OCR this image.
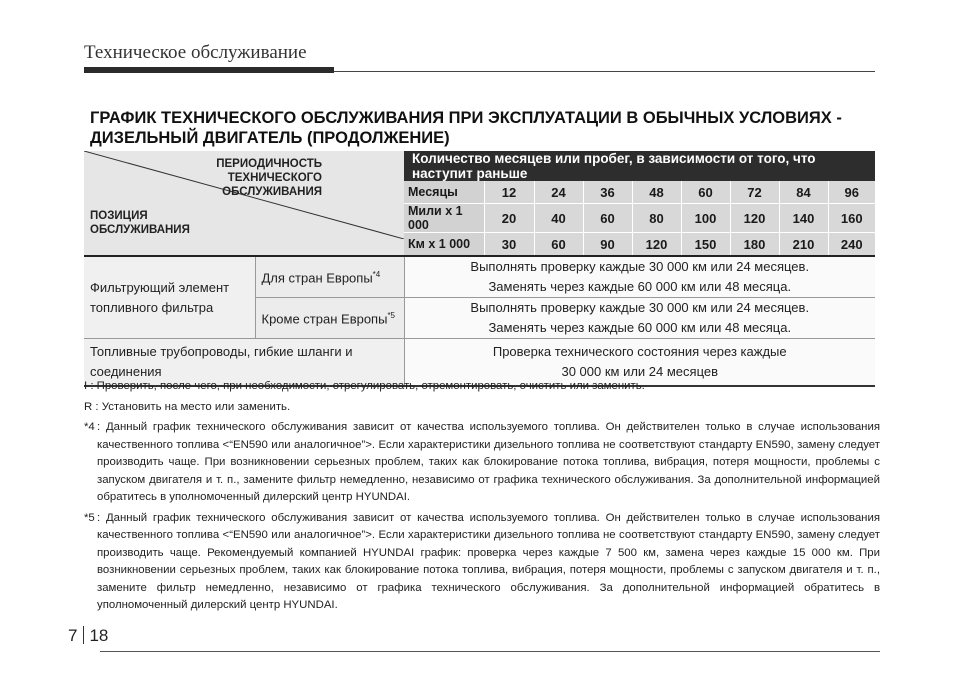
Техническое обслуживание
ГРАФИК ТЕХНИЧЕСКОГО ОБСЛУЖИВАНИЯ ПРИ ЭКСПЛУАТАЦИИ В ОБЫЧНЫХ УСЛОВИЯХ - ДИЗЕЛЬНЫЙ ДВИГАТЕЛЬ (ПРОДОЛЖЕНИЕ)
ПЕРИОДИЧНОСТЬ
ТЕХНИЧЕСКОГО
ОБСЛУЖИВАНИЯ
ПОЗИЦИЯ
ОБСЛУЖИВАНИЯ		Количество месяцев или пробег, в зависимости от того, что наступит раньше								
		Месяцы	12	24	36	48	60	72	84	96
		Мили x 1 000	20	40	60	80	100	120	140	160
		Км x 1 000	30	60	90	120	150	180	210	240
Фильтрующий элемент топливного фильтра	Для стран Европы$^{*4}$	Выполнять проверку каждые 30 000 км или 24 месяцев.
Заменять через каждые 60 000 км или 48 месяца.								

	Кроме стран Европы$^{*5}$	Выполнять проверку каждые 30 000 км или 24 месяцев.
Заменять через каждые 60 000 км или 48 месяца.								

Топливные трубопроводы, гибкие шланги и соединения		Проверка технического состояния через каждые
30 000 км или 24 месяцев								

I : Проверить, после чего, при необходимости, отрегулировать, отремонтировать, очистить или заменить.

R : Установить на место или заменить.

*4 : Данный график технического обслуживания зависит от качества используемого топлива. Он действителен только в случае использования качественного топлива <“EN590 или аналогичное”>. Если характеристики дизельного топлива не соответствуют стандарту EN590, замену следует производить чаще. При возникновении серьезных проблем, таких как блокирование потока топлива, вибрация, потеря мощности, проблемы с запуском двигателя и т. п., замените фильтр немедленно, независимо от графика технического обслуживания. За дополнительной информацией обратитесь в уполномоченный дилерский центр HYUNDAI.
*5 : Данный график технического обслуживания зависит от качества используемого топлива. Он действителен только в случае использования качественного топлива <“EN590 или аналогичное”>. Если характеристики дизельного топлива не соответствуют стандарту EN590, замену следует производить чаще. Рекомендуемый компанией HYUNDAI график: проверка через каждые 7 500 км, замена через каждые 15 000 км. При возникновении серьезных проблем, таких как блокирование потока топлива, вибрация, потеря мощности, проблемы с запуском двигателя и т. п., замените фильтр немедленно, независимо от графика технического обслуживания. За дополнительной информацией обратитесь в уполномоченный дилерский центр HYUNDAI.
7 18
